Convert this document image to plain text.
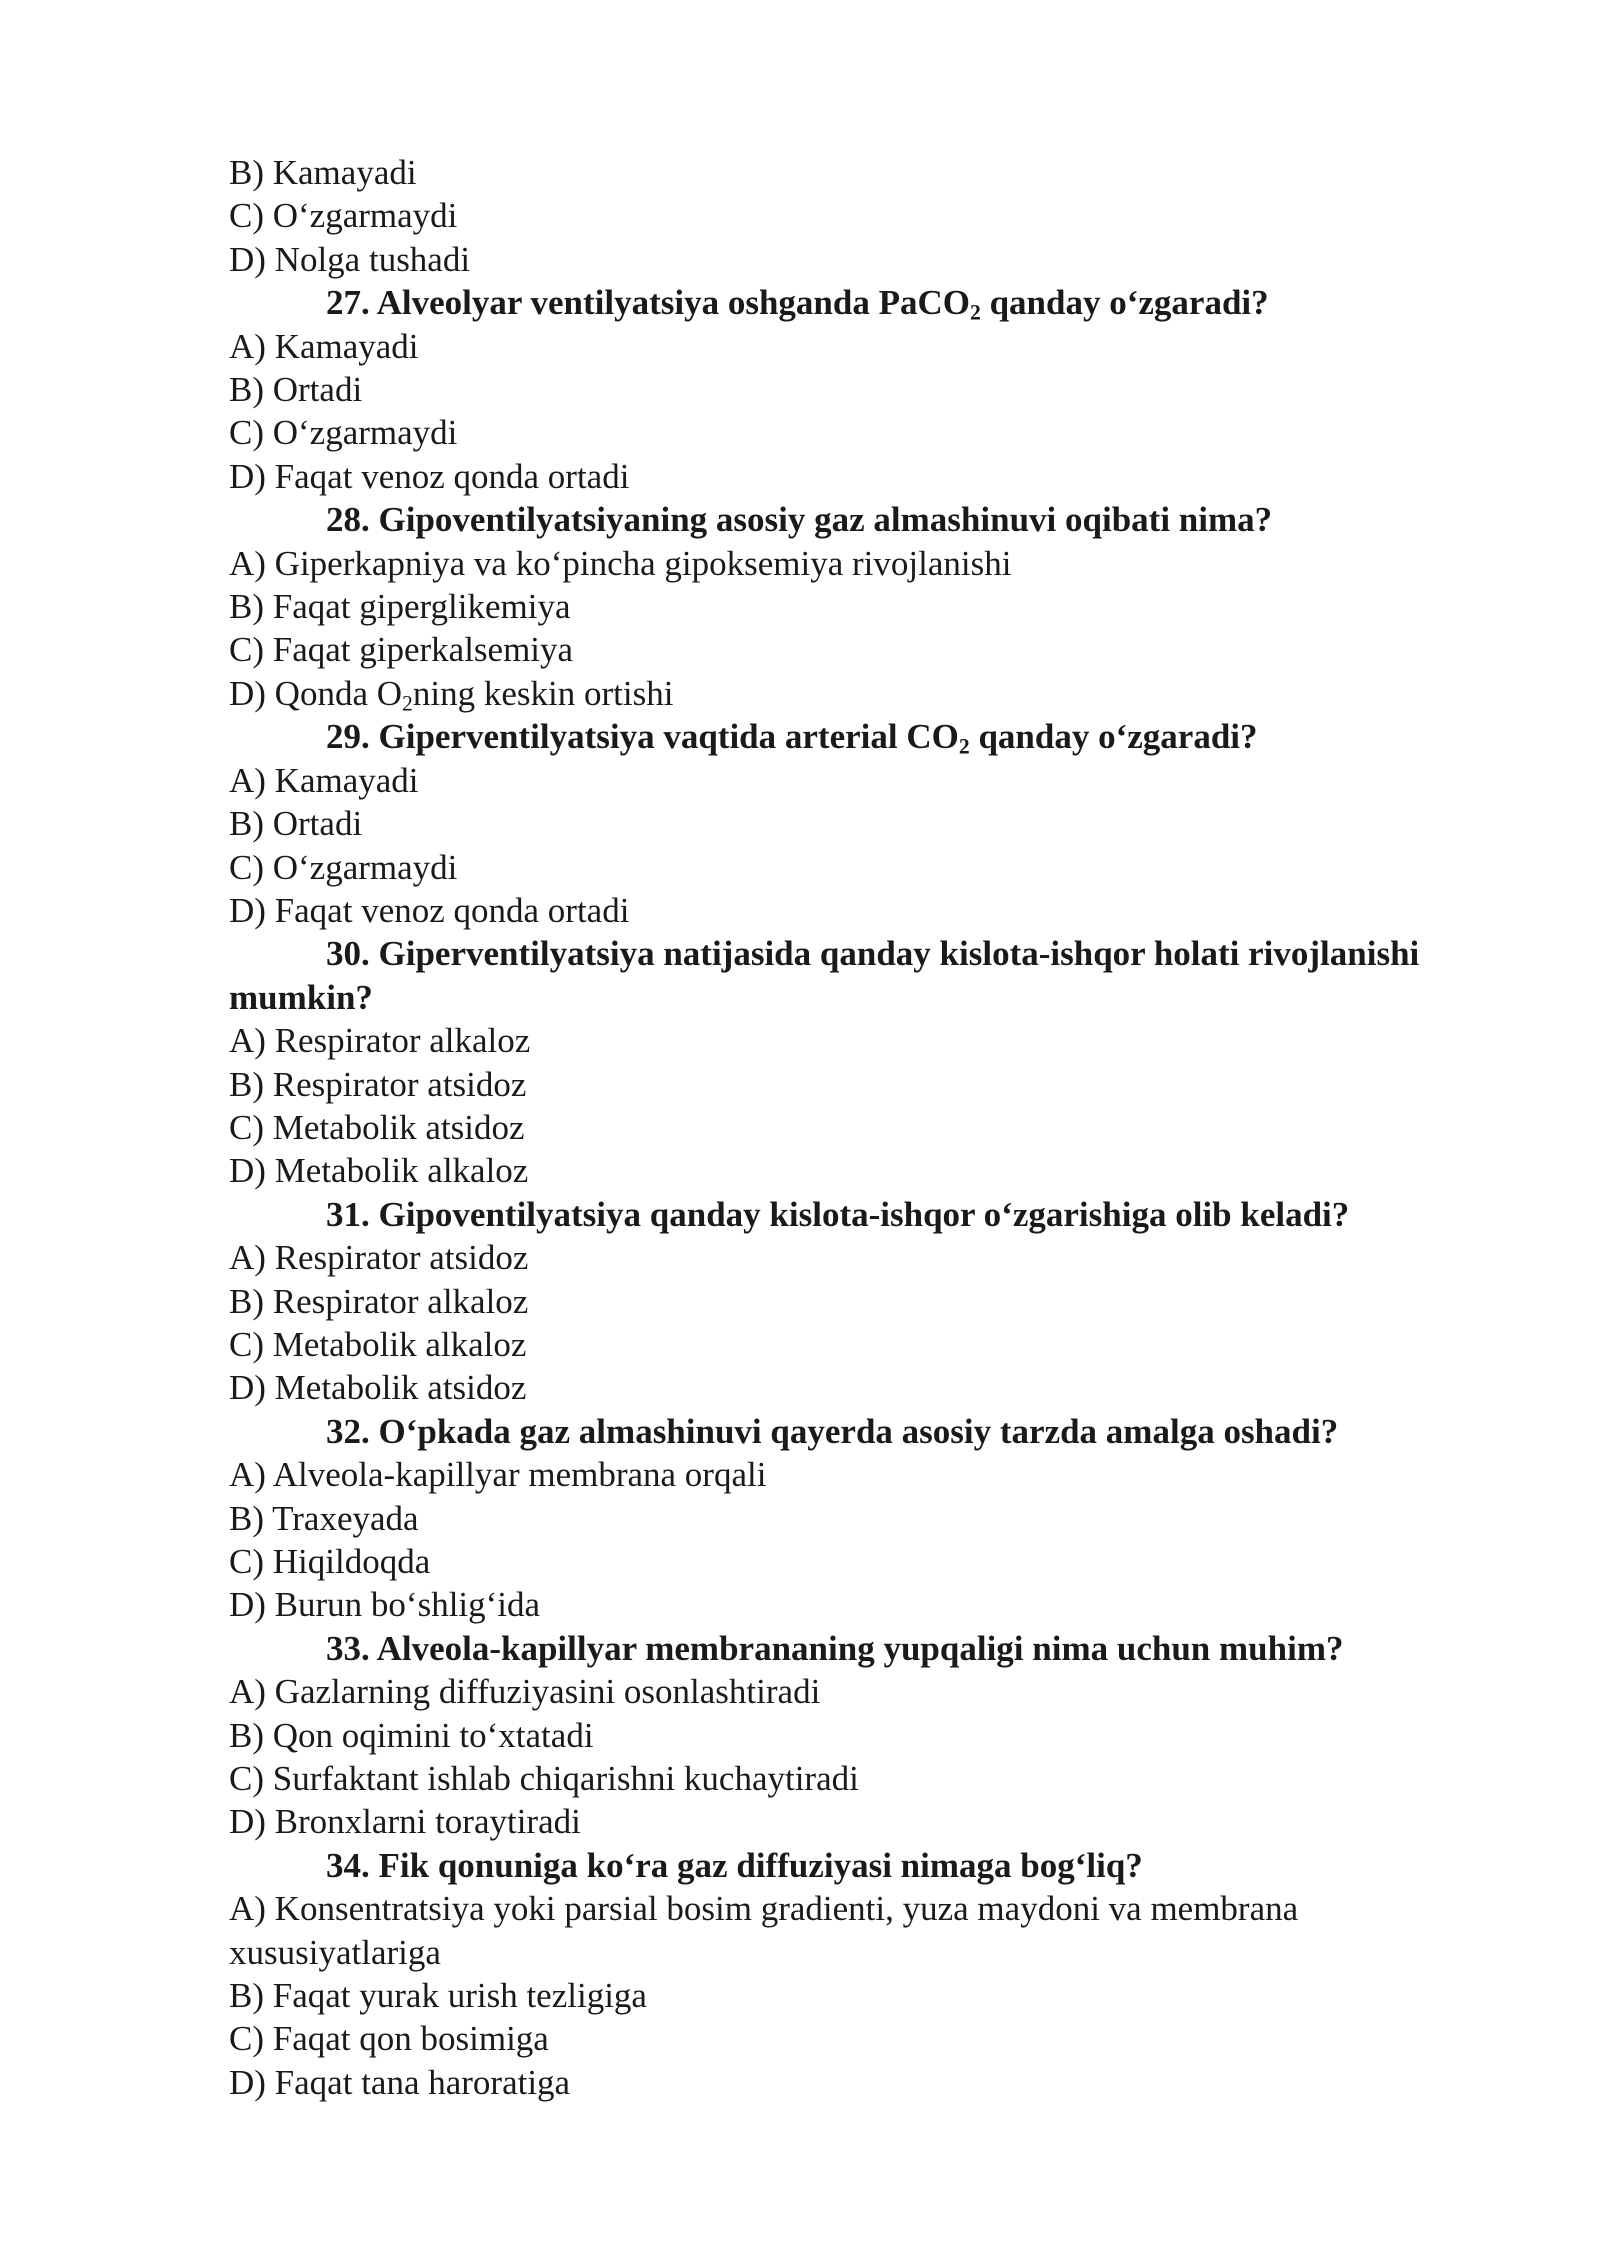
B) Kamayadi
C) O‘zgarmaydi
D) Nolga tushadi
27. Alveolyar ventilyatsiya oshganda PaCO$_2$ qanday o‘zgaradi?
A) Kamayadi
B) Ortadi
C) O‘zgarmaydi
D) Faqat venoz qonda ortadi
28. Gipoventilyatsiyaning asosiy gaz almashinuvi oqibati nima?
A) Giperkapniya va ko‘pincha gipoksemiya rivojlanishi
B) Faqat giperglikemiya
C) Faqat giperkalsemiya
D) Qonda $O_2ning$ keskin ortishi
29. Giperventilyatsiya vaqtida arterial $CO_2$ qanday o‘zgaradi?
A) Kamayadi
B) Ortadi
C) O‘zgarmaydi
D) Faqat venoz qonda ortadi
30. Giperventilyatsiya natijasida qanday kislota-ishqor holati rivojlanishi mumkin?
A) Respirator alkaloz
B) Respirator atsidoz
C) Metabolik atsidoz
D) Metabolik alkaloz
31. Gipoventilyatsiya qanday kislota-ishqor o‘zgarishiga olib keladi?
A) Respirator atsidoz
B) Respirator alkaloz
C) Metabolik alkaloz
D) Metabolik atsidoz
32. O‘pkada gaz almashinuvi qayerda asosiy tarzda amalga oshadi?
A) Alveola-kapillyar membrana orqali
B) Traxeyada
C) Hiqildoqda
D) Burun bo‘shlig‘ida
33. Alveola-kapillyar membrananing yupqaligi nima uchun muhim?
A) Gazlarning diffuziyasini osonlashtiradi
B) Qon oqimini to‘xtatadi
C) Surfaktant ishlab chiqarishni kuchaytiradi
D) Bronxlarni toraytiradi
34. Fik qonuniga ko‘ra gaz diffuziyasi nimaga bog‘liq?
A) Konsentratsiya yoki parsial bosim gradienti, yuza maydoni va membrana xususiyatlariga
B) Faqat yurak urish tezligiga
C) Faqat qon bosimiga
D) Faqat tana haroratiga
